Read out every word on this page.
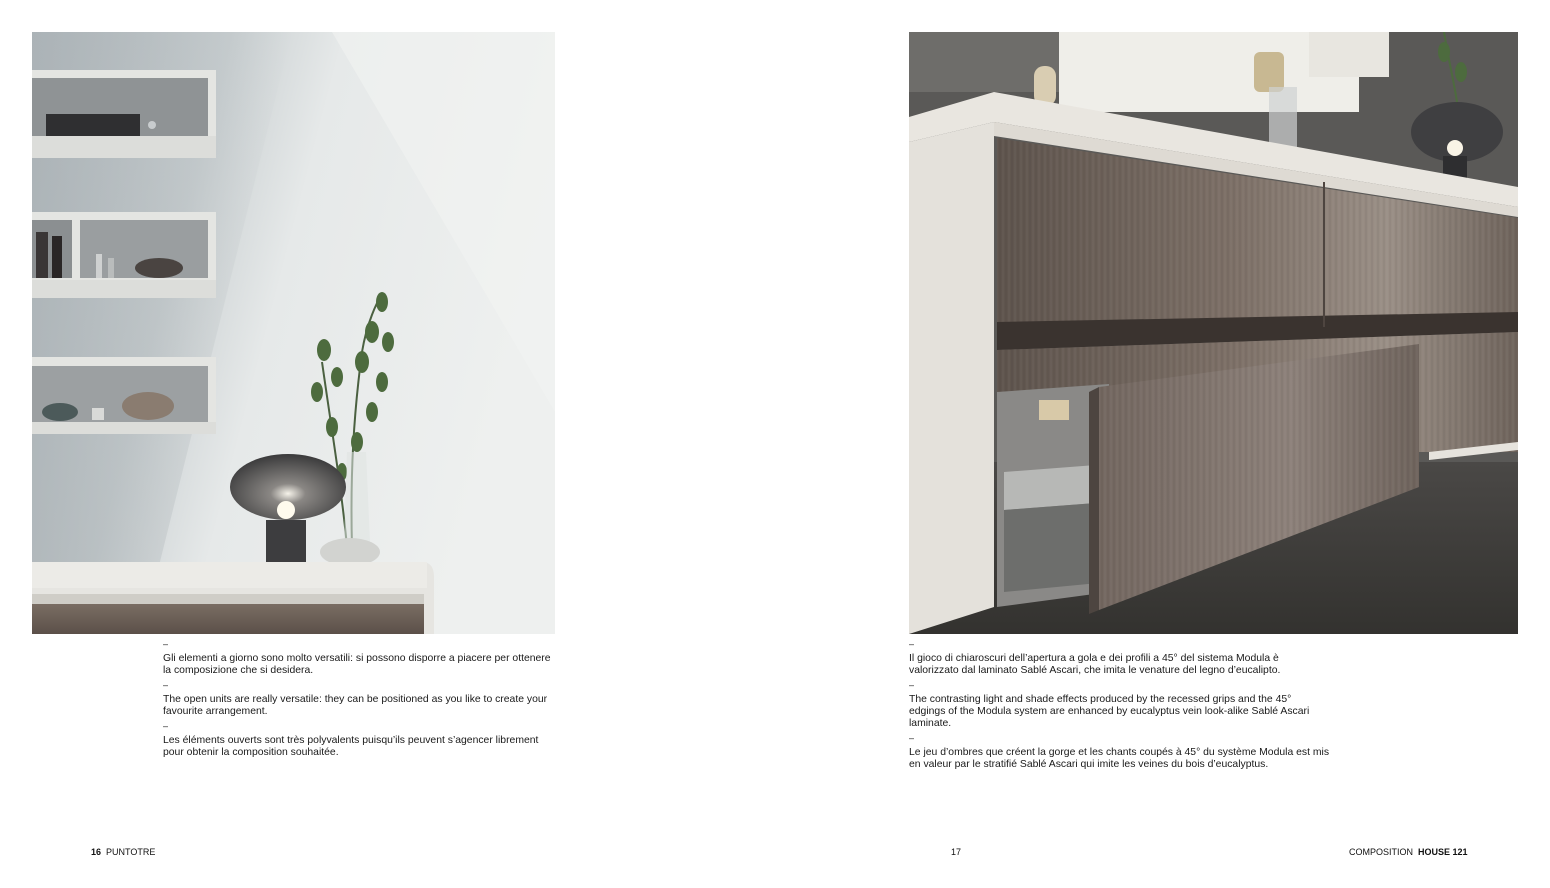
–
Gli elementi a giorno sono molto versatili: si possono disporre a piacere per ottenere la composizione che si desidera.
–
The open units are really versatile: they can be positioned as you like to create your favourite arrangement.
–
Les éléments ouverts sont très polyvalents puisqu’ils peuvent s’agencer librement pour obtenir la composition souhaitée.
–
Il gioco di chiaroscuri dell’apertura a gola e dei profili a 45° del sistema Modula è valorizzato dal laminato Sablé Ascari, che imita le venature del legno d’eucalipto.
–
The contrasting light and shade effects produced by the recessed grips and the 45° edgings of the Modula system are enhanced by eucalyptus vein look-alike Sablé Ascari laminate.
–
Le jeu d’ombres que créent la gorge et les chants coupés à 45° du système Modula est mis en valeur par le stratifié Sablé Ascari qui imite les veines du bois d’eucalyptus.
16 PUNTOTRE	17	COMPOSITION HOUSE 121
